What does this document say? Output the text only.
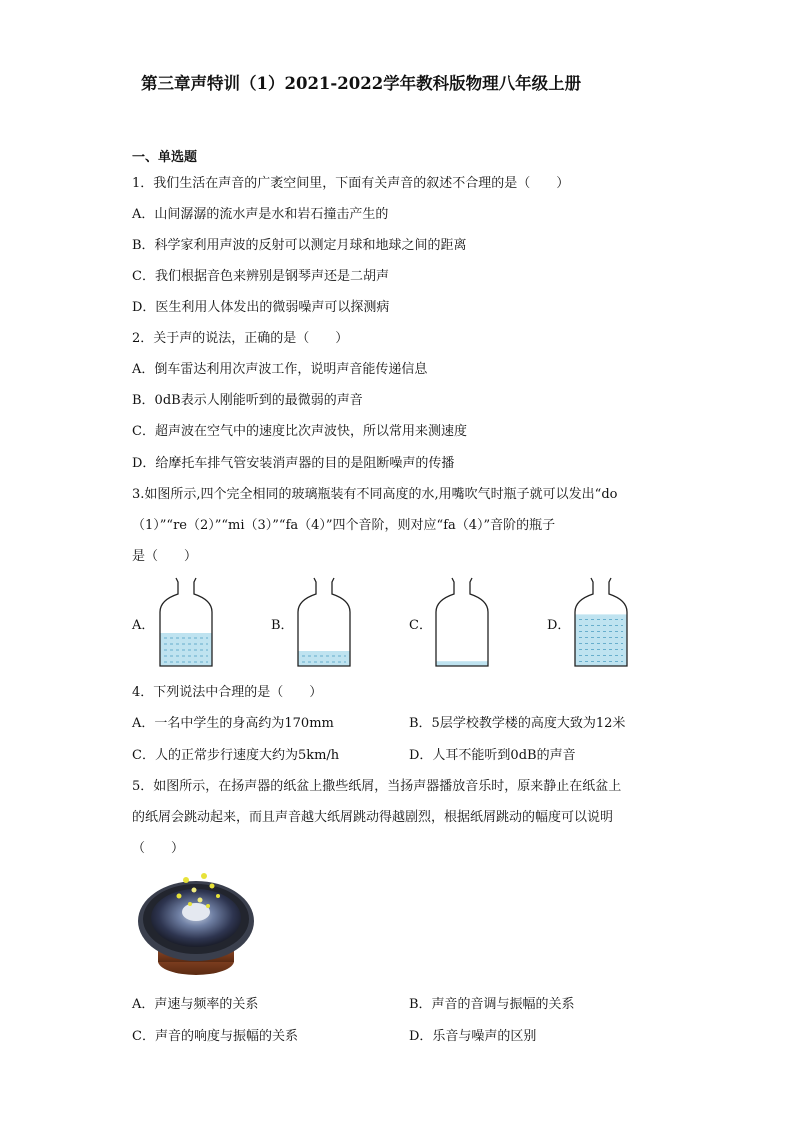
第三章声特训（1）2021-2022学年教科版物理八年级上册
一、单选题
1．我们生活在声音的广袤空间里，下面有关声音的叙述不合理的是（　　）
A．山间潺潺的流水声是水和岩石撞击产生的
B．科学家利用声波的反射可以测定月球和地球之间的距离
C．我们根据音色来辨别是钢琴声还是二胡声
D．医生利用人体发出的微弱噪声可以探测病
2．关于声的说法，正确的是（　　）
A．倒车雷达利用次声波工作，说明声音能传递信息
B．0dB表示人刚能听到的最微弱的声音
C．超声波在空气中的速度比次声波快，所以常用来测速度
D．给摩托车排气管安装消声器的目的是阻断噪声的传播
3.如图所示,四个完全相同的玻璃瓶装有不同高度的水,用嘴吹气时瓶子就可以发出“do
（1）”“re（2）”“mi（3）”“fa（4）”四个音阶，则对应“fa（4）”音阶的瓶子
是（　　）
A．	B．	C．	D．
4．下列说法中合理的是（　　）
A．一名中学生的身高约为170mm	B．5层学校教学楼的高度大致为12米
C．人的正常步行速度大约为5km/h	D．人耳不能听到0dB的声音
5．如图所示，在扬声器的纸盆上撒些纸屑，当扬声器播放音乐时，原来静止在纸盆上
的纸屑会跳动起来，而且声音越大纸屑跳动得越剧烈，根据纸屑跳动的幅度可以说明
（　　）
A．声速与频率的关系	B．声音的音调与振幅的关系
C．声音的响度与振幅的关系	D．乐音与噪声的区别
